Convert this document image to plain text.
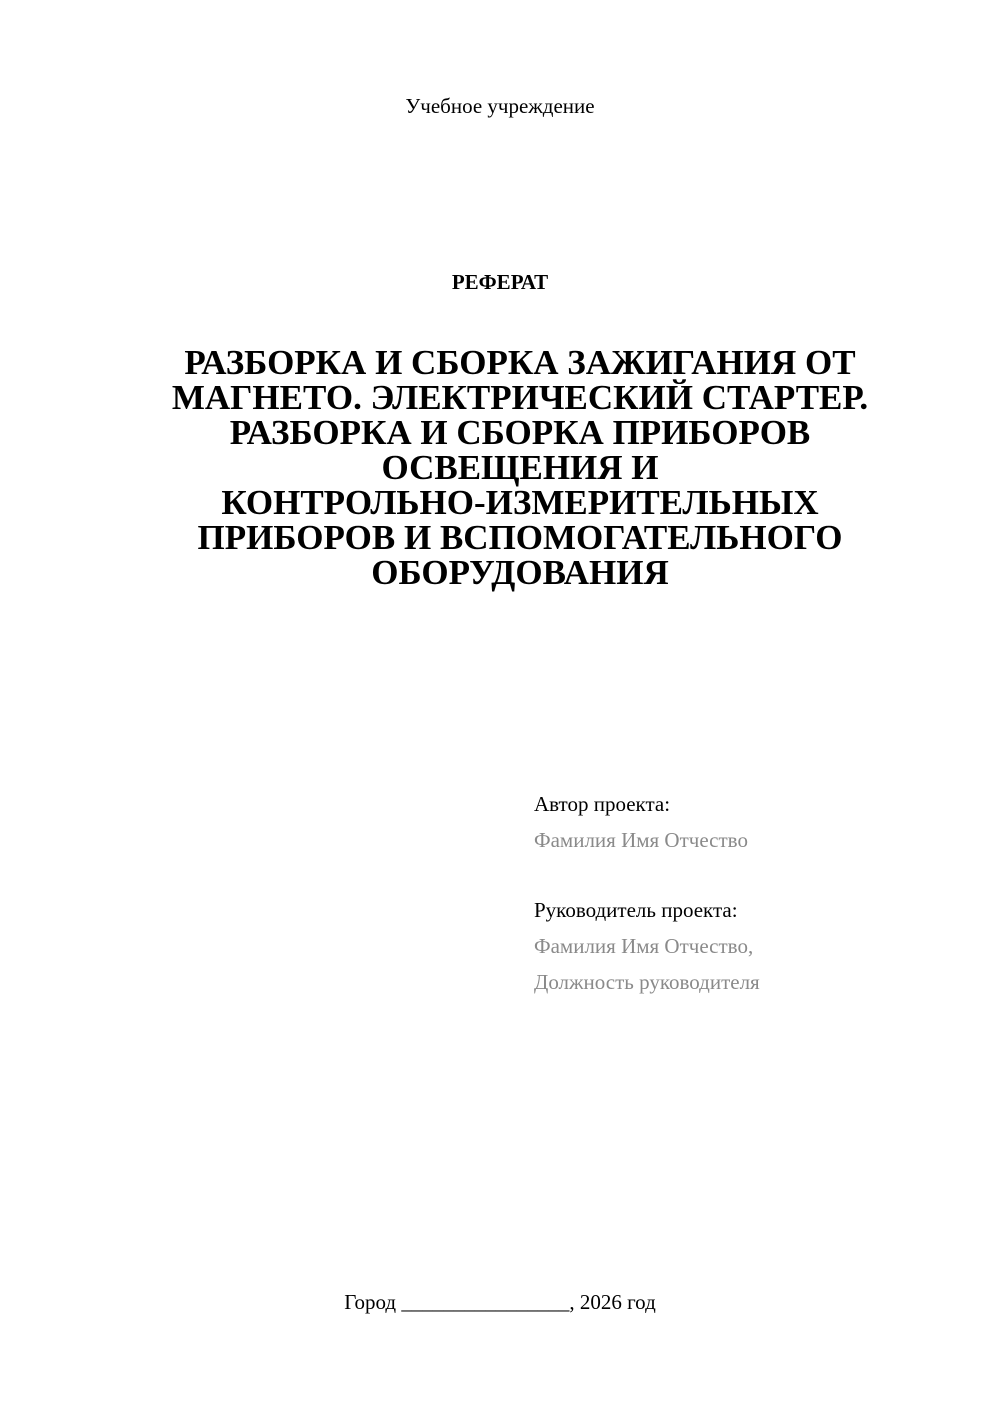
Учебное учреждение
РЕФЕРАТ
РАЗБОРКА И СБОРКА ЗАЖИГАНИЯ ОТ
МАГНЕТО. ЭЛЕКТРИЧЕСКИЙ СТАРТЕР.
РАЗБОРКА И СБОРКА ПРИБОРОВ
ОСВЕЩЕНИЯ И
КОНТРОЛЬНО-ИЗМЕРИТЕЛЬНЫХ
ПРИБОРОВ И ВСПОМОГАТЕЛЬНОГО
ОБОРУДОВАНИЯ
Автор проекта:
Фамилия Имя Отчество
Руководитель проекта:
Фамилия Имя Отчество,
Должность руководителя
Город ________________, 2026 год
